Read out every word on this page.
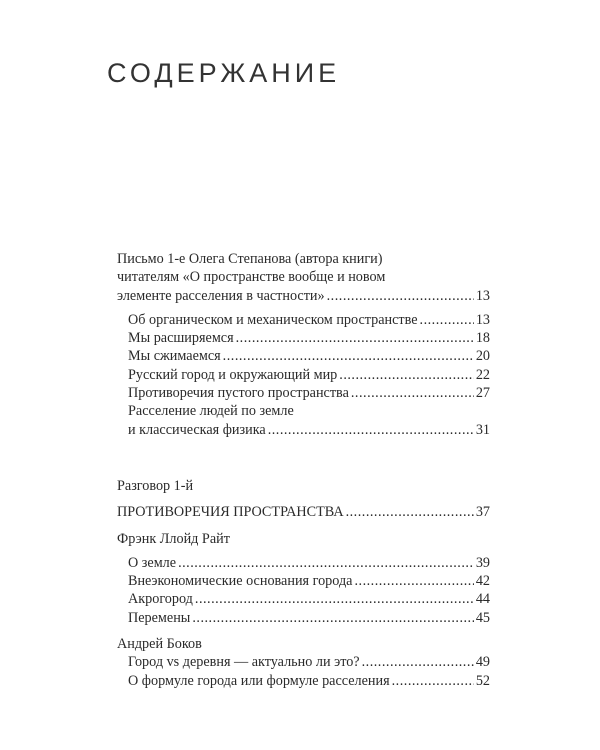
СОДЕРЖАНИЕ
Письмо 1-е Олега Степанова (автора книги)
читателям «О пространстве вообще и новом
элементе расселения в частности» .....	13
Об органическом и механическом пространстве .....	13
Мы расширяемся .....	18
Мы сжимаемся .....	20
Русский город и окружающий мир .....	22
Противоречия пустого пространства .....	27
Расселение людей по земле
и классическая физика .....	31
Разговор 1-й
ПРОТИВОРЕЧИЯ ПРОСТРАНСТВА .....	37
Фрэнк Ллойд Райт
О земле .....	39
Внеэкономические основания города .....	42
Акрогород .....	44
Перемены .....	45
Андрей Боков
Город vs деревня — актуально ли это? .....	49
О формуле города или формуле расселения .....	52
